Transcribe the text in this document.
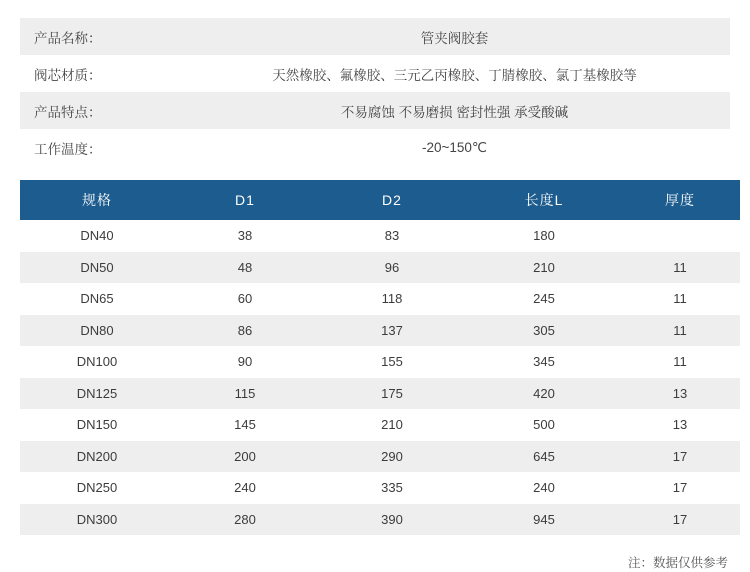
产品名称：	管夹阀胶套
阀芯材质：	天然橡胶、氟橡胶、三元乙丙橡胶、丁腈橡胶、氯丁基橡胶等
产品特点：	不易腐蚀 不易磨损 密封性强 承受酸碱
工作温度：	-20~150℃
规格	D1	D2	长度L	厚度
DN40	38	83	180	
DN50	48	96	210	11
DN65	60	118	245	11
DN80	86	137	305	11
DN100	90	155	345	11
DN125	115	175	420	13
DN150	145	210	500	13
DN200	200	290	645	17
DN250	240	335	240	17
DN300	280	390	945	17
注：数据仅供参考
